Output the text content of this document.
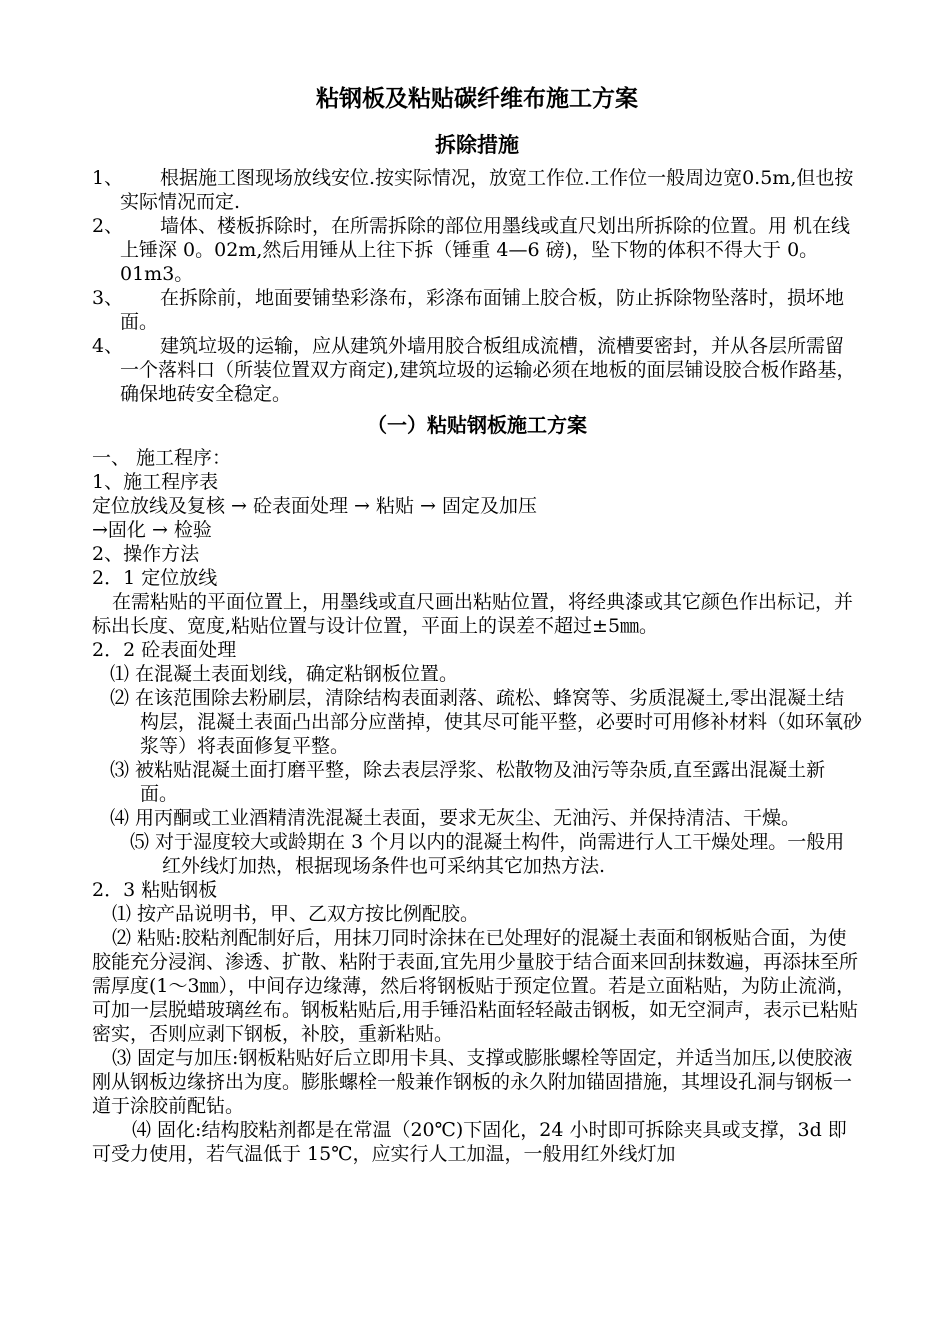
粘钢板及粘贴碳纤维布施工方案
拆除措施
1、	根据施工图现场放线安位.按实际情况，放宽工作位.工作位一般周边宽0.5m,但也按实际情况而定.
2、	墙体、楼板拆除时，在所需拆除的部位用墨线或直尺划出所拆除的位置。用 机在线上锤深 0。02m,然后用锤从上往下拆（锤重 4—6 磅)，坠下物的体积不得大于 0。01m3。
3、	在拆除前，地面要铺垫彩涤布，彩涤布面铺上胶合板，防止拆除物坠落时，损坏地面。
4、	建筑垃圾的运输，应从建筑外墙用胶合板组成流槽，流槽要密封，并从各层所需留一个落料口（所装位置双方商定),建筑垃圾的运输必须在地板的面层铺设胶合板作路基，确保地砖安全稳定。
（一）粘贴钢板施工方案

一、 施工程序：

1、施工程序表

定位放线及复核 → 砼表面处理 → 粘贴 → 固定及加压

→固化 → 检验

2、操作方法

2．1 定位放线

在需粘贴的平面位置上，用墨线或直尺画出粘贴位置，将经典漆或其它颜色作出标记，并标出长度、宽度,粘贴位置与设计位置，平面上的误差不超过±5㎜。

2．2 砼表面处理

⑴ 在混凝土表面划线，确定粘钢板位置。

⑵ 在该范围除去粉刷层，清除结构表面剥落、疏松、蜂窝等、劣质混凝土,零出混凝土结构层，混凝土表面凸出部分应凿掉，使其尽可能平整，必要时可用修补材料（如环氧砂浆等）将表面修复平整。

⑶ 被粘贴混凝土面打磨平整，除去表层浮浆、松散物及油污等杂质,直至露出混凝土新面。

⑷ 用丙酮或工业酒精清洗混凝土表面，要求无灰尘、无油污、并保持清洁、干燥。

⑸ 对于湿度较大或龄期在 3 个月以内的混凝土构件，尚需进行人工干燥处理。一般用红外线灯加热，根据现场条件也可采纳其它加热方法.

2．3 粘贴钢板

⑴ 按产品说明书，甲、乙双方按比例配胶。

⑵ 粘贴:胶粘剂配制好后，用抹刀同时涂抹在已处理好的混凝土表面和钢板贴合面，为使胶能充分浸润、渗透、扩散、粘附于表面,宜先用少量胶于结合面来回刮抹数遍，再添抹至所需厚度(1～3㎜），中间存边缘薄，然后将钢板贴于预定位置。若是立面粘贴，为防止流淌，可加一层脱蜡玻璃丝布。钢板粘贴后,用手锤沿粘面轻轻敲击钢板，如无空洞声，表示已粘贴密实，否则应剥下钢板，补胶，重新粘贴。

⑶ 固定与加压:钢板粘贴好后立即用卡具、支撑或膨胀螺栓等固定，并适当加压,以使胶液刚从钢板边缘挤出为度。膨胀螺栓一般兼作钢板的永久附加锚固措施，其埋设孔洞与钢板一道于涂胶前配钻。

⑷ 固化:结构胶粘剂都是在常温（20℃)下固化，24 小时即可拆除夹具或支撑，3d 即可受力使用，若气温低于 15℃，应实行人工加温，一般用红外线灯加
